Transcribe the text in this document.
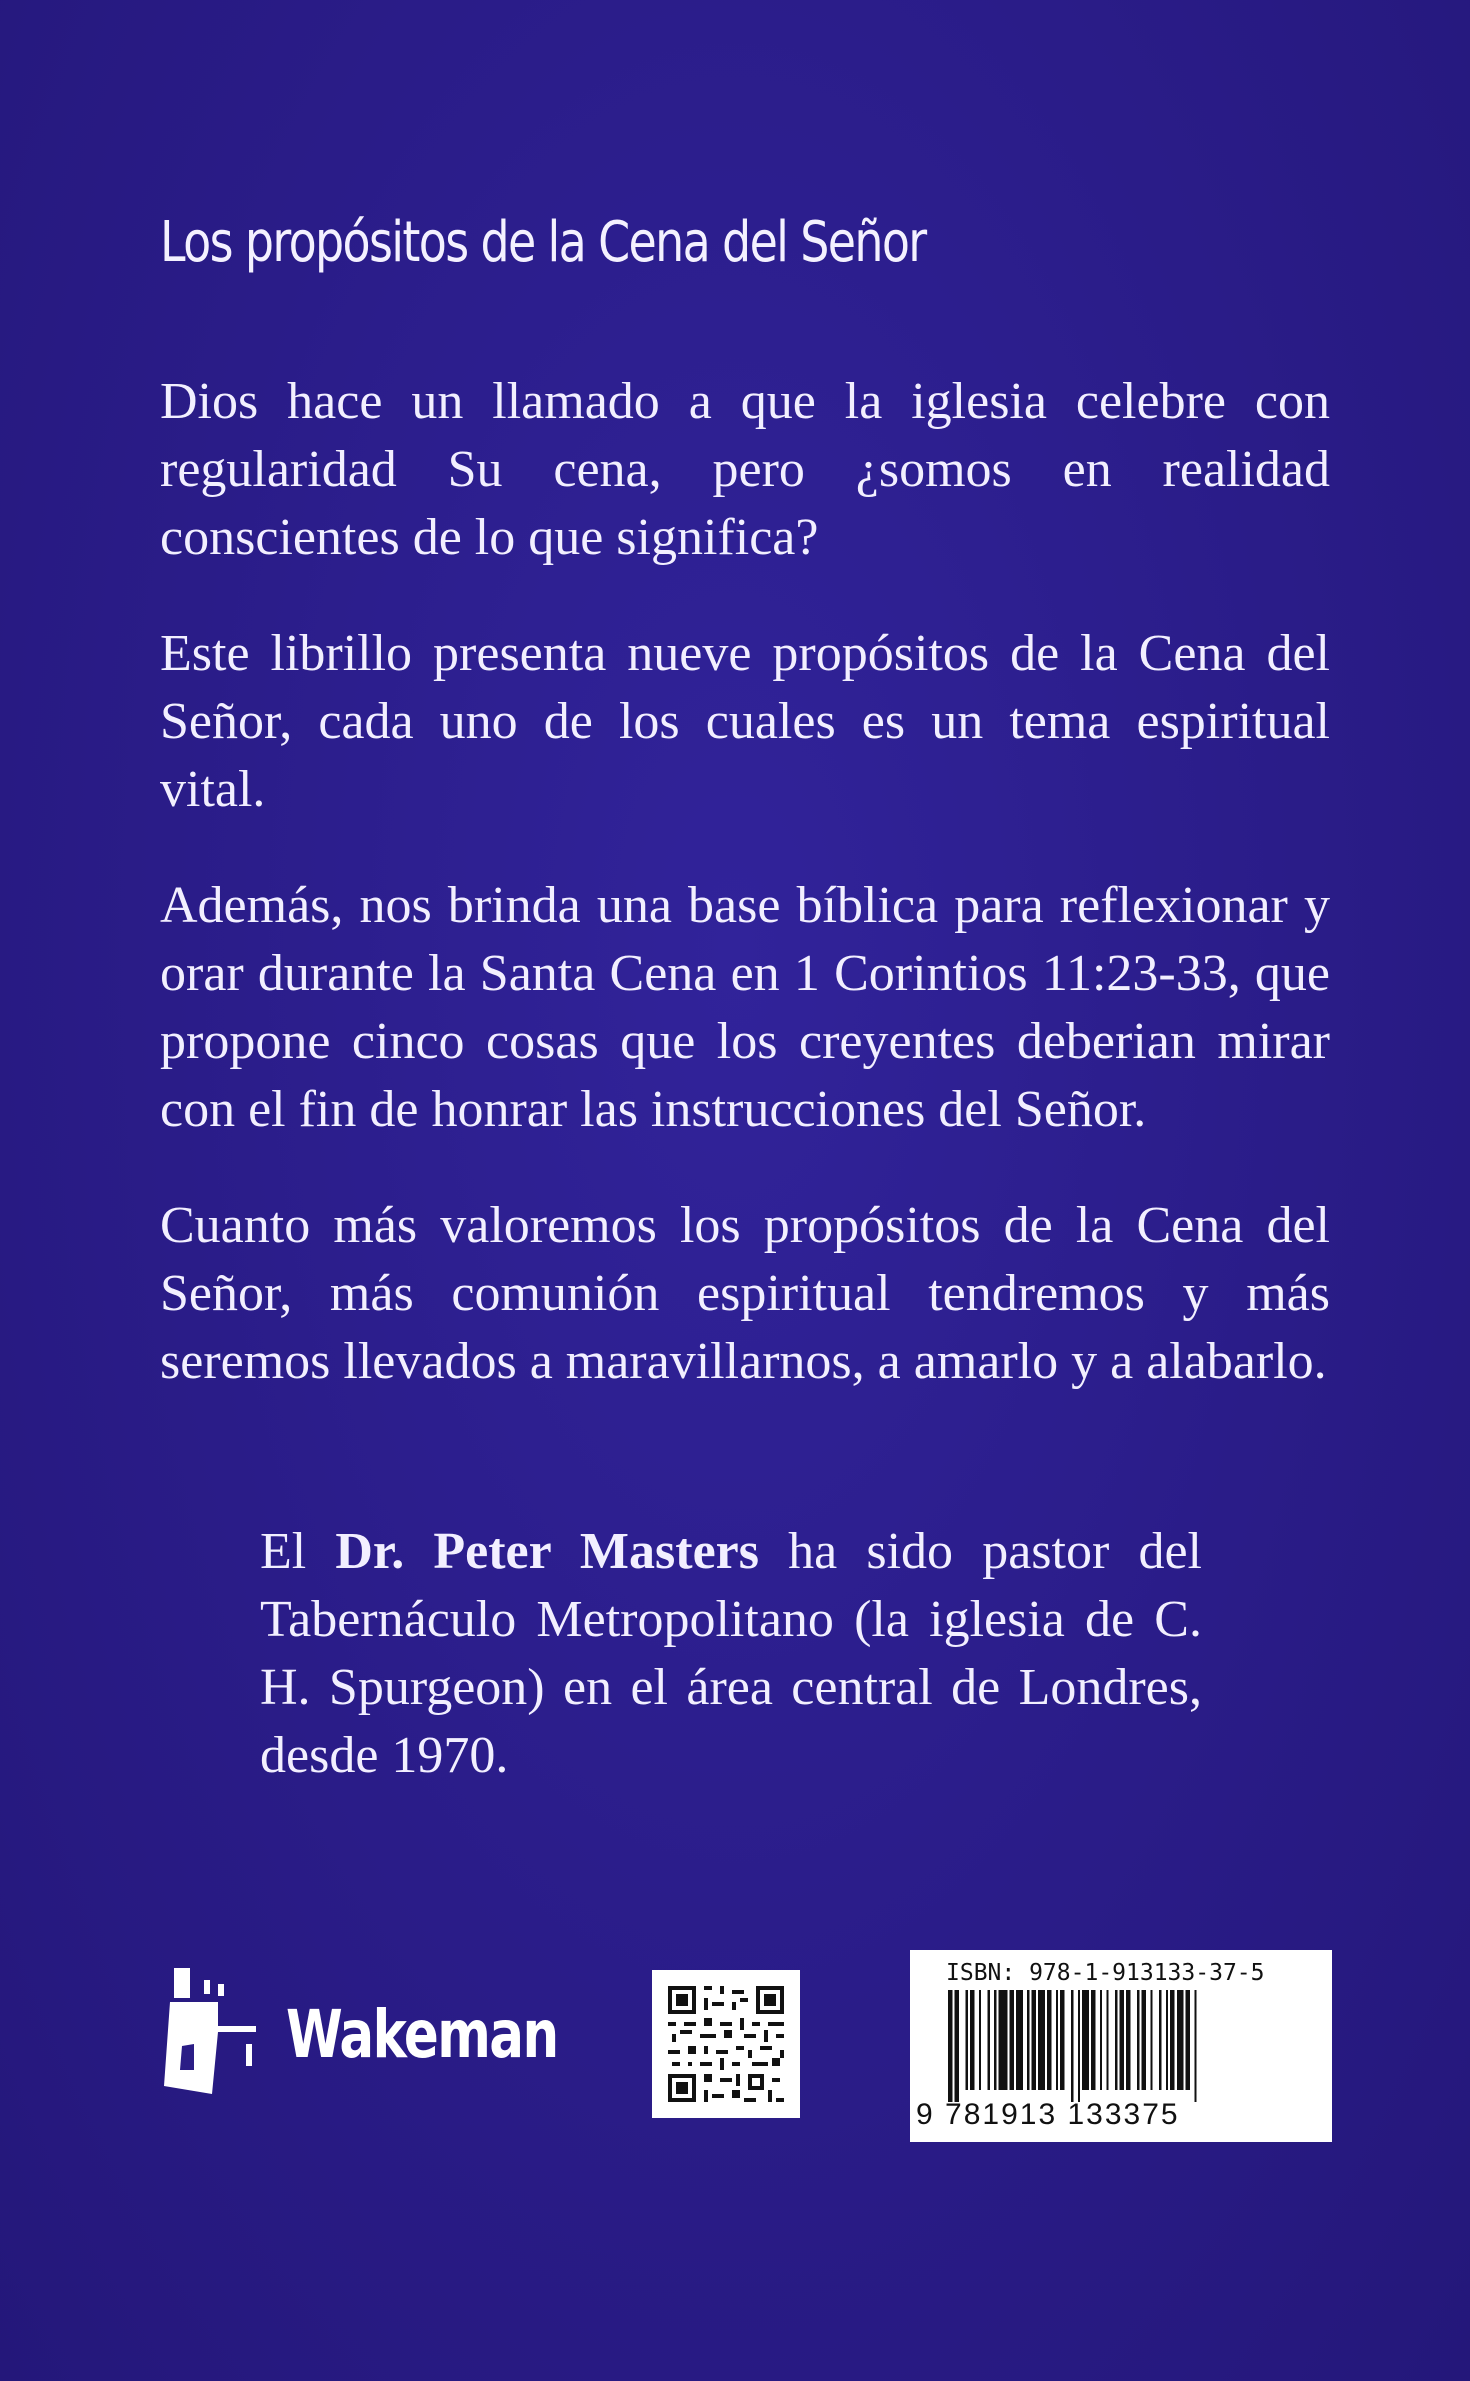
Los propósitos de la Cena del Señor

Dios hace un llamado a que la iglesia celebre con regularidad Su cena, pero ¿somos en realidad conscientes de lo que significa?

Este librillo presenta nueve propósitos de la Cena del Señor, cada uno de los cuales es un tema espiritual vital.

Además, nos brinda una base bíblica para reflexionar y orar durante la Santa Cena en 1 Corintios 11:23-33, que propone cinco cosas que los creyentes deberian mirar con el fin de honrar las instrucciones del Señor.

Cuanto más valoremos los propósitos de la Cena del Señor, más comunión espiritual tendremos y más seremos llevados a maravillarnos, a amarlo y a alabarlo.

El Dr. Peter Masters ha sido pastor del Tabernáculo Metropolitano (la iglesia de C. H. Spurgeon) en el área central de Londres, desde 1970.

Wakeman
ISBN: 978-1-913133-37-5
9 781913 133375
